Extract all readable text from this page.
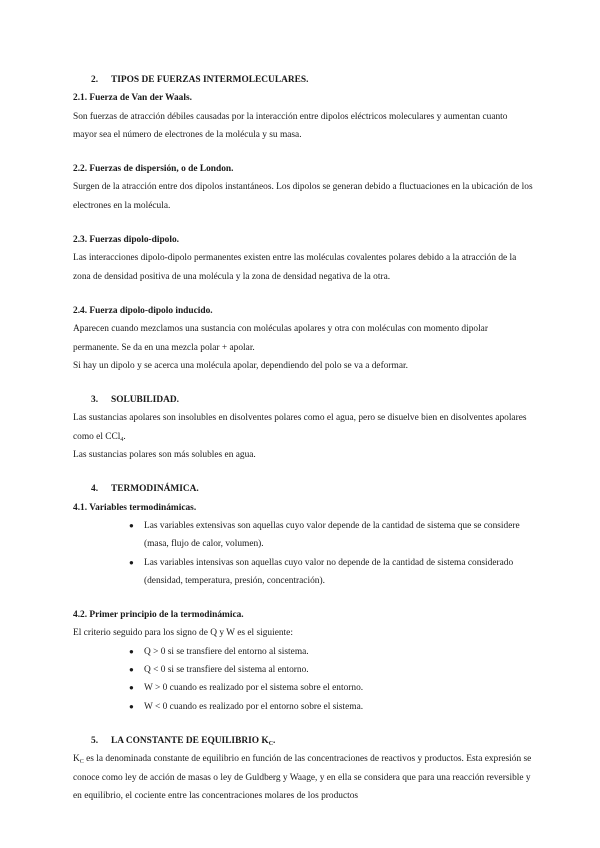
2. TIPOS DE FUERZAS INTERMOLECULARES.
2.1. Fuerza de Van der Waals.

Son fuerzas de atracción débiles causadas por la interacción entre dipolos eléctricos moleculares y aumentan cuanto mayor sea el número de electrones de la molécula y su masa.

2.2. Fuerzas de dispersión, o de London.

Surgen de la atracción entre dos dipolos instantáneos. Los dipolos se generan debido a fluctuaciones en la ubicación de los electrones en la molécula.

2.3. Fuerzas dipolo-dipolo.

Las interacciones dipolo-dipolo permanentes existen entre las moléculas covalentes polares debido a la atracción de la zona de densidad positiva de una molécula y la zona de densidad negativa de la otra.

2.4. Fuerza dipolo-dipolo inducido.

Aparecen cuando mezclamos una sustancia con moléculas apolares y otra con moléculas con momento dipolar permanente. Se da en una mezcla polar + apolar.

Si hay un dipolo y se acerca una molécula apolar, dependiendo del polo se va a deformar.

3. SOLUBILIDAD.

Las sustancias apolares son insolubles en disolventes polares como el agua, pero se disuelve bien en disolventes apolares como el CCl$_4$.

Las sustancias polares son más solubles en agua.

4. TERMODINÁMICA.
4.1. Variables termodinámicas.
● Las variables extensivas son aquellas cuyo valor depende de la cantidad de sistema que se considere (masa, flujo de calor, volumen).
● Las variables intensivas son aquellas cuyo valor no depende de la cantidad de sistema considerado (densidad, temperatura, presión, concentración).
4.2. Primer principio de la termodinámica.

El criterio seguido para los signo de Q y W es el siguiente:

● Q > 0 si se transfiere del entorno al sistema.
● Q < 0 si se transfiere del sistema al entorno.
● W > 0 cuando es realizado por el sistema sobre el entorno.
● W < 0 cuando es realizado por el entorno sobre el sistema.
5. LA CONSTANTE DE EQUILIBRIO $K_C$.

$K_C$ es la denominada constante de equilibrio en función de las concentraciones de reactivos y productos. Esta expresión se conoce como ley de acción de masas o ley de Guldberg y Waage, y en ella se considera que para una reacción reversible y en equilibrio, el cociente entre las concentraciones molares de los productos
